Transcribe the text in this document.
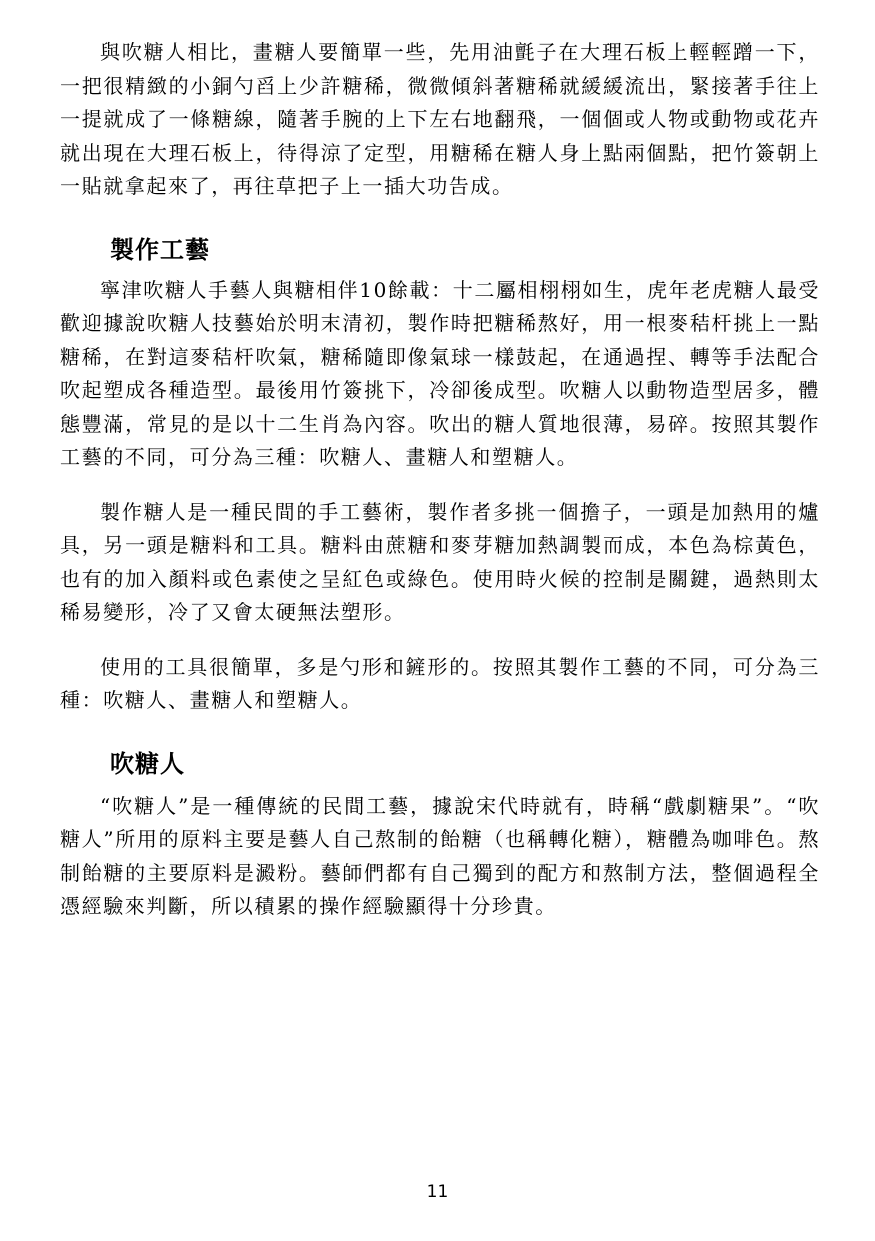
與吹糖人相比，畫糖人要簡單一些，先用油氈子在大理石板上輕輕蹭一下，一把很精緻的小銅勺舀上少許糖稀，微微傾斜著糖稀就緩緩流出，緊接著手往上一提就成了一條糖線，隨著手腕的上下左右地翻飛，一個個或人物或動物或花卉就出現在大理石板上，待得涼了定型，用糖稀在糖人身上點兩個點，把竹簽朝上一貼就拿起來了，再往草把子上一插大功告成。

製作工藝

寧津吹糖人手藝人與糖相伴10餘載：十二屬相栩栩如生，虎年老虎糖人最受歡迎據說吹糖人技藝始於明末清初，製作時把糖稀熬好，用一根麥秸杆挑上一點糖稀，在對這麥秸杆吹氣，糖稀隨即像氣球一樣鼓起，在通過捏、轉等手法配合吹起塑成各種造型。最後用竹簽挑下，冷卻後成型。吹糖人以動物造型居多，體態豐滿，常見的是以十二生肖為內容。吹出的糖人質地很薄，易碎。按照其製作工藝的不同，可分為三種：吹糖人、畫糖人和塑糖人。

製作糖人是一種民間的手工藝術，製作者多挑一個擔子，一頭是加熱用的爐具，另一頭是糖料和工具。糖料由蔗糖和麥芽糖加熱調製而成，本色為棕黃色，也有的加入顏料或色素使之呈紅色或綠色。使用時火候的控制是關鍵，過熱則太稀易變形，冷了又會太硬無法塑形。

使用的工具很簡單，多是勺形和鏟形的。按照其製作工藝的不同，可分為三種：吹糖人、畫糖人和塑糖人。

吹糖人

“吹糖人”是一種傳統的民間工藝，據說宋代時就有，時稱“戲劇糖果”。“吹糖人”所用的原料主要是藝人自己熬制的飴糖（也稱轉化糖），糖體為咖啡色。熬制飴糖的主要原料是澱粉。藝師們都有自己獨到的配方和熬制方法，整個過程全憑經驗來判斷，所以積累的操作經驗顯得十分珍貴。

11
